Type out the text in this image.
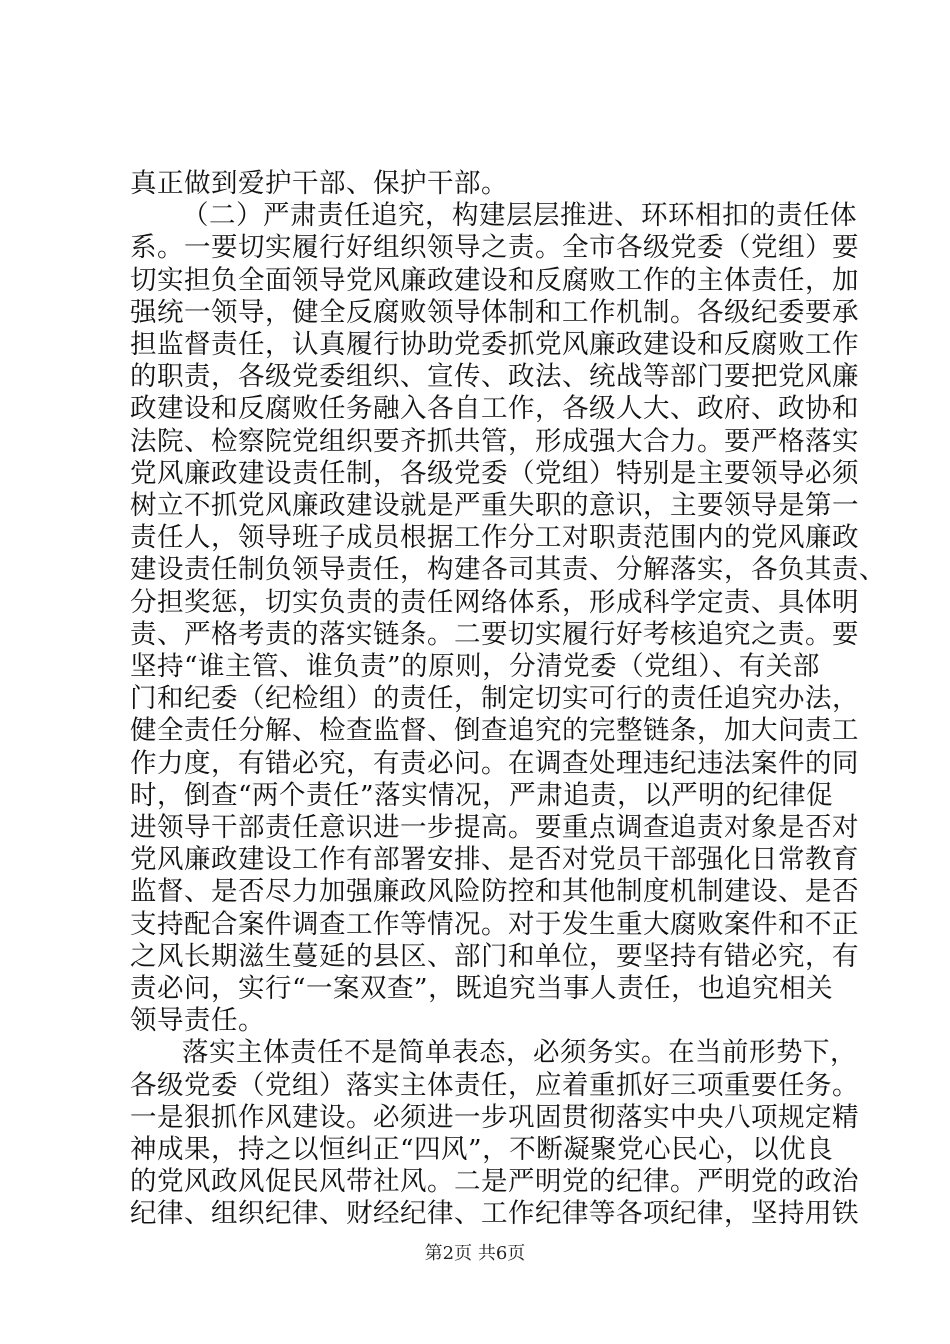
真正做到爱护干部、保护干部。
（二）严肃责任追究，构建层层推进、环环相扣的责任体
系。一要切实履行好组织领导之责。全市各级党委（党组）要
切实担负全面领导党风廉政建设和反腐败工作的主体责任，加
强统一领导，健全反腐败领导体制和工作机制。各级纪委要承
担监督责任，认真履行协助党委抓党风廉政建设和反腐败工作
的职责，各级党委组织、宣传、政法、统战等部门要把党风廉
政建设和反腐败任务融入各自工作，各级人大、政府、政协和
法院、检察院党组织要齐抓共管，形成强大合力。要严格落实
党风廉政建设责任制，各级党委（党组）特别是主要领导必须
树立不抓党风廉政建设就是严重失职的意识，主要领导是第一
责任人，领导班子成员根据工作分工对职责范围内的党风廉政
建设责任制负领导责任，构建各司其责、分解落实，各负其责、
分担奖惩，切实负责的责任网络体系，形成科学定责、具体明
责、严格考责的落实链条。二要切实履行好考核追究之责。要
坚持“谁主管、谁负责”的原则，分清党委（党组）、有关部
门和纪委（纪检组）的责任，制定切实可行的责任追究办法，
健全责任分解、检查监督、倒查追究的完整链条，加大问责工
作力度，有错必究，有责必问。在调查处理违纪违法案件的同
时，倒查“两个责任”落实情况，严肃追责，以严明的纪律促
进领导干部责任意识进一步提高。要重点调查追责对象是否对
党风廉政建设工作有部署安排、是否对党员干部强化日常教育
监督、是否尽力加强廉政风险防控和其他制度机制建设、是否
支持配合案件调查工作等情况。对于发生重大腐败案件和不正
之风长期滋生蔓延的县区、部门和单位，要坚持有错必究，有
责必问，实行“一案双查”，既追究当事人责任，也追究相关
领导责任。
落实主体责任不是简单表态，必须务实。在当前形势下，
各级党委（党组）落实主体责任，应着重抓好三项重要任务。
一是狠抓作风建设。必须进一步巩固贯彻落实中央八项规定精
神成果，持之以恒纠正“四风”，不断凝聚党心民心，以优良
的党风政风促民风带社风。二是严明党的纪律。严明党的政治
纪律、组织纪律、财经纪律、工作纪律等各项纪律，坚持用铁
第2页 共6页
